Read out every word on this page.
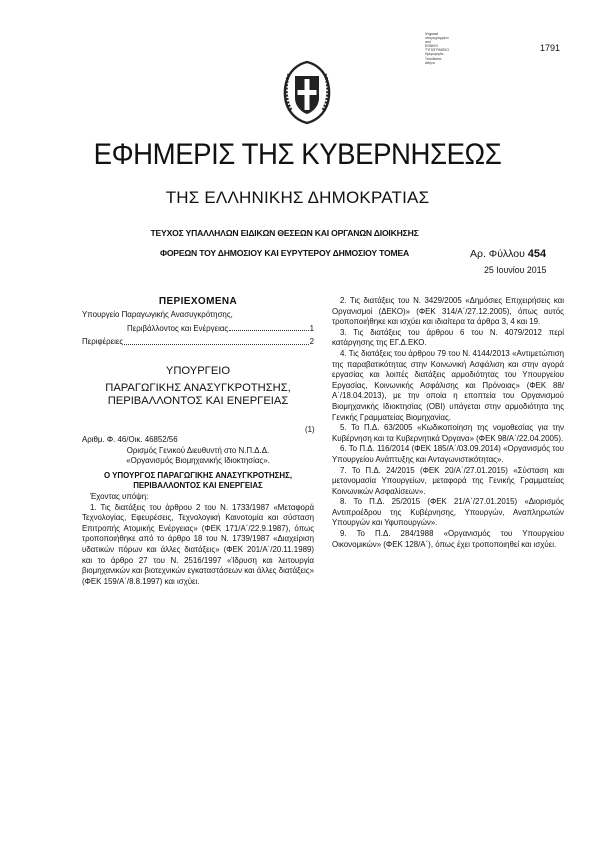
Ψηφιακά
υπογεγραμμένο
από
ΕΘΝΙΚΟ
ΤΥΠΟΓΡΑΦΕΙΟ
Ημερομηνία:
Τοποθεσία:
Αθήνα
1791
ΕΦΗΜΕΡΙΣ ΤΗΣ ΚΥΒΕΡΝΗΣΕΩΣ
ΤΗΣ ΕΛΛΗΝΙΚΗΣ ΔΗΜΟΚΡΑΤΙΑΣ
ΤΕΥΧΟΣ ΥΠΑΛΛΗΛΩΝ ΕΙΔΙΚΩΝ ΘΕΣΕΩΝ ΚΑΙ ΟΡΓΑΝΩΝ ΔΙΟΙΚΗΣΗΣ
ΦΟΡΕΩΝ ΤΟΥ ΔΗΜΟΣΙΟΥ ΚΑΙ ΕΥΡΥΤΕΡΟΥ ΔΗΜΟΣΙΟΥ ΤΟΜΕΑ	Αρ. Φύλλου 454
25 Ιουνίου 2015
ΠΕΡΙΕΧΟΜΕΝΑ
Υπουργείο Παραγωγικής Ανασυγκρότησης,
Περιβάλλοντος και Ενέργειας	1
Περιφέρειες	2
ΥΠΟΥΡΓΕΙΟ
ΠΑΡΑΓΩΓΙΚΗΣ ΑΝΑΣΥΓΚΡΟΤΗΣΗΣ,
ΠΕΡΙΒΑΛΛΟΝΤΟΣ ΚΑΙ ΕΝΕΡΓΕΙΑΣ
(1)

Αριθμ. Φ. 46/Οικ. 46852/56

Ορισμός Γενικού Διευθυντή στο Ν.Π.Δ.Δ. «Οργανισμός Βιομηχανικής Ιδιοκτησίας».

Ο ΥΠΟΥΡΓΟΣ ΠΑΡΑΓΩΓΙΚΗΣ ΑΝΑΣΥΓΚΡΟΤΗΣΗΣ,

ΠΕΡΙΒΑΛΛΟΝΤΟΣ ΚΑΙ ΕΝΕΡΓΕΙΑΣ

Έχοντας υπόψη:

1. Τις διατάξεις του άρθρου 2 του Ν. 1733/1987 «Μεταφορά Τεχνολογίας, Εφευρέσεις, Τεχνολογική Καινοτομία και σύσταση Επιτροπής Ατομικής Ενέργειας» (ΦΕΚ 171/Α΄/22.9.1987), όπως τροποποιήθηκε από το άρθρο 18 του Ν. 1739/1987 «Διαχείριση υδατικών πόρων και άλλες διατάξεις» (ΦΕΚ 201/Α΄/20.11.1989) και το άρθρο 27 του Ν. 2516/1997 «Ίδρυση και λειτουργία βιομηχανικών και βιοτεχνικών εγκαταστάσεων και άλλες διατάξεις» (ΦΕΚ 159/Α΄/8.8.1997) και ισχύει.

2. Τις διατάξεις του Ν. 3429/2005 «Δημόσιες Επιχειρήσεις και Οργανισμοί (ΔΕΚΟ)» (ΦΕΚ 314/Α΄/27.12.2005), όπως αυτός τροποποιήθηκε και ισχύει και ιδιαίτερα τα άρθρα 3, 4 και 19.

3. Τις διατάξεις του άρθρου 6 του Ν. 4079/2012 περί κατάργησης της ΕΓ.Δ.ΕΚΟ.

4. Τις διατάξεις του άρθρου 79 του Ν. 4144/2013 «Αντιμετώπιση της παραβατικότητας στην Κοινωνική Ασφάλιση και στην αγορά εργασίας και λοιπές διατάξεις αρμοδιότητας του Υπουργείου Εργασίας, Κοινωνικής Ασφάλισης και Πρόνοιας» (ΦΕΚ 88/Α΄/18.04.2013), με την οποία η εποπτεία του Οργανισμού Βιομηχανικής Ιδιοκτησίας (ΟΒΙ) υπάγεται στην αρμοδιότητα της Γενικής Γραμματείας Βιομηχανίας.

5. Το Π.Δ. 63/2005 «Κωδικοποίηση της νομοθεσίας για την Κυβέρνηση και τα Κυβερνητικά Όργανα» (ΦΕΚ 98/Α΄/22.04.2005).

6. Το Π.Δ. 116/2014 (ΦΕΚ 185/Α΄/03.09.2014) «Οργανισμός του Υπουργείου Ανάπτυξης και Ανταγωνιστικότητας».

7. Το Π.Δ. 24/2015 (ΦΕΚ 20/Α΄/27.01.2015) «Σύσταση και μετονομασία Υπουργείων, μεταφορά της Γενικής Γραμματείας Κοινωνικών Ασφαλίσεων».

8. Το Π.Δ. 25/2015 (ΦΕΚ 21/Α΄/27.01.2015) «Διορισμός Αντιπροέδρου της Κυβέρνησης, Υπουργών, Αναπληρωτών Υπουργών και Υφυπουργών».

9. Το Π.Δ. 284/1988 «Οργανισμός του Υπουργείου Οικονομικών» (ΦΕΚ 128/Α΄), όπως έχει τροποποιηθεί και ισχύει.
